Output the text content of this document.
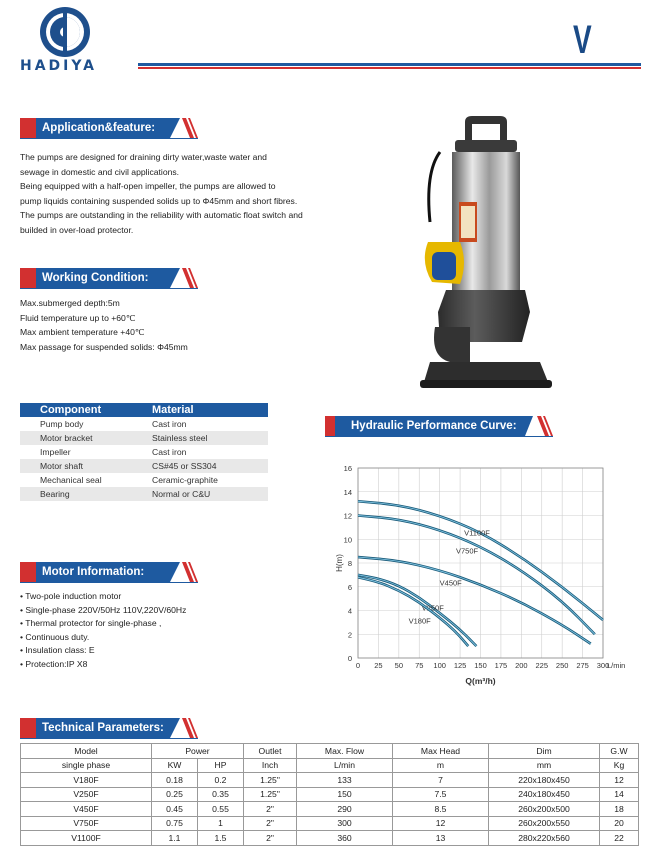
HADIYA
V
Application&feature:
The pumps are designed for draining dirty water,waste water and
sewage in domestic and civil applications.
Being equipped with a half-open impeller, the pumps are allowed to
pump liquids containing suspended solids up to Φ45mm and short fibres.
The pumps are outstanding in the reliability with automatic float switch and
builded in over-load protector.
Working Condition:
Max.submerged depth:5m
Fluid temperature up to +60℃
Max ambient temperature +40℃
Max passage for suspended solids: Φ45mm
Component	Material
Pump body	Cast iron
Motor bracket	Stainless steel
Impeller	Cast iron
Motor shaft	CS#45 or SS304
Mechanical seal	Ceramic-graphite
Bearing	Normal or C&U
Hydraulic Performance Curve:
0 25 50 75 100 125 150 175 200 225 250 275 300
0
2
4
6
8
10
12
14
16
L/min
Q(m³/h)
H(m)
V1100F
V750F
V450F
V250F
V180F
Motor Information:
• Two-pole induction motor
• Single-phase 220V/50Hz 110V,220V/60Hz
• Thermal protector for single-phase ,
• Continuous duty.
• Insulation class: E
• Protection:IP X8
Technical Parameters:
Model	Power		Outlet	Max. Flow	Max Head	Dim	G.W
single phase	KW	HP	Inch	L/min	m	mm	Kg
V180F	0.18	0.2	1.25"	133	7	220x180x450	12
V250F	0.25	0.35	1.25"	150	7.5	240x180x450	14
V450F	0.45	0.55	2"	290	8.5	260x200x500	18
V750F	0.75	1	2"	300	12	260x200x550	20
V1100F	1.1	1.5	2"	360	13	280x220x560	22
